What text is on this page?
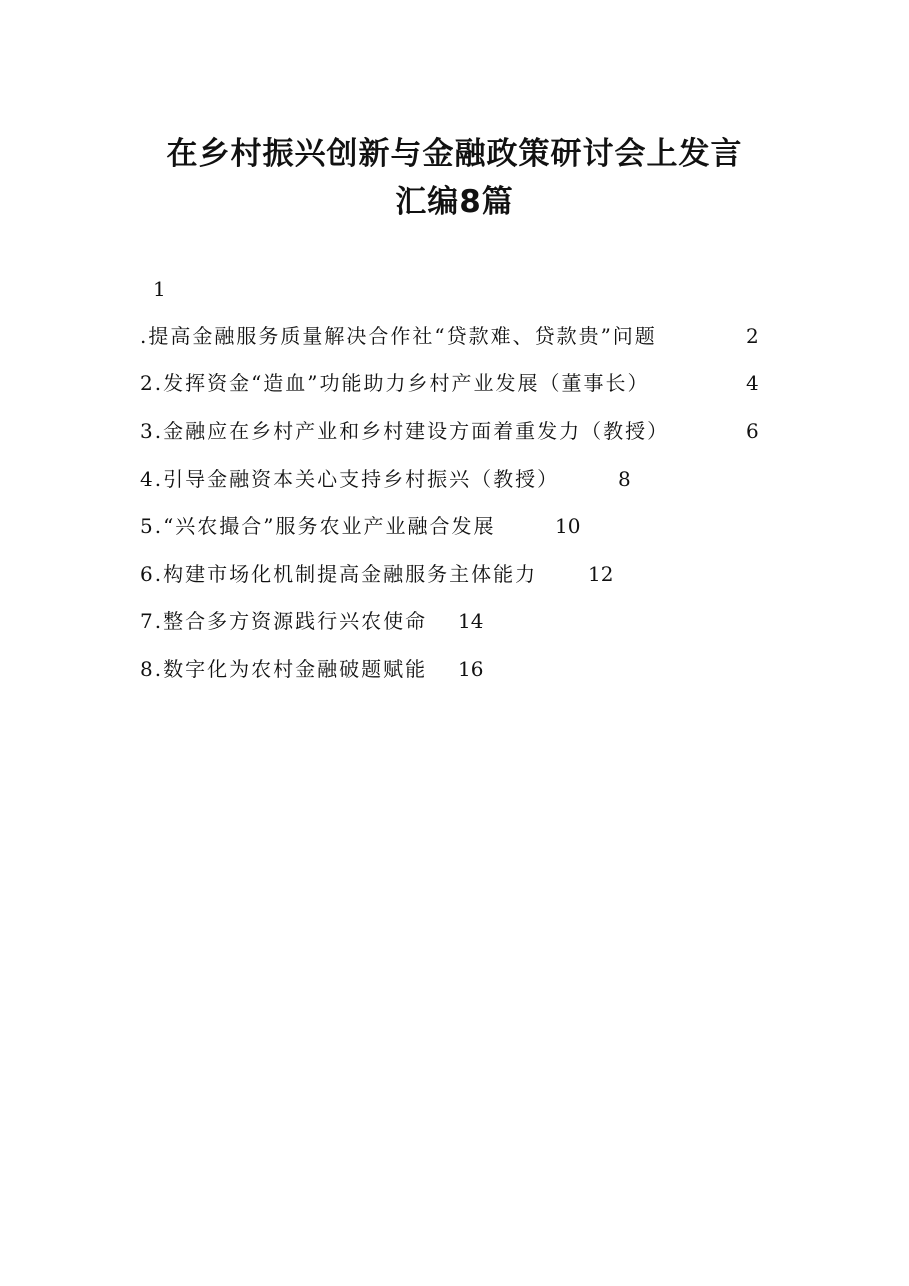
在乡村振兴创新与金融政策研讨会上发言
汇编8篇
1
.提高金融服务质量解决合作社“贷款难、贷款贵”问题	2
2.发挥资金“造血”功能助力乡村产业发展（董事长）	4
3.金融应在乡村产业和乡村建设方面着重发力（教授）	6
4.引导金融资本关心支持乡村振兴（教授）	8
5.“兴农撮合”服务农业产业融合发展	10
6.构建市场化机制提高金融服务主体能力	12
7.整合多方资源践行兴农使命 14
8.数字化为农村金融破题赋能 16
